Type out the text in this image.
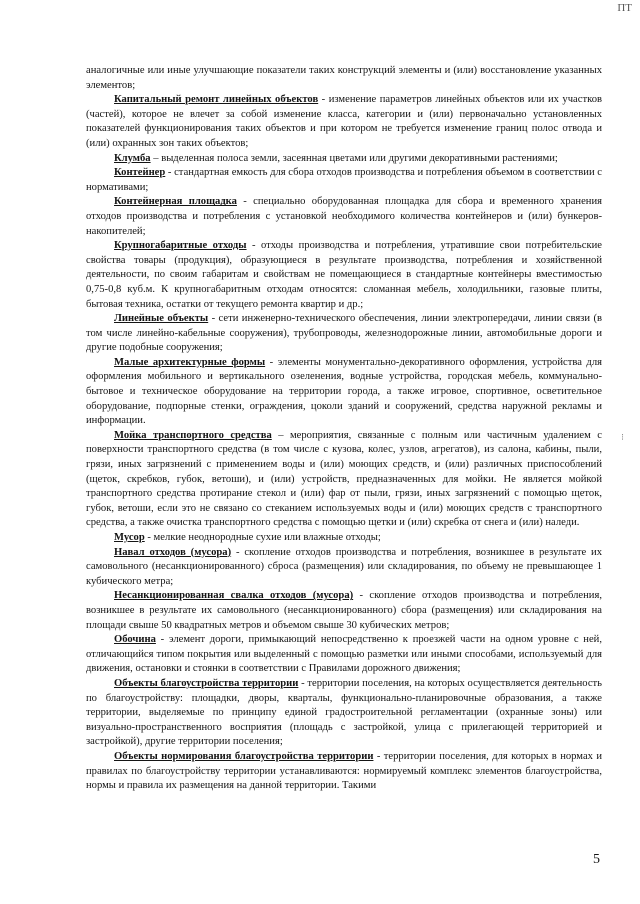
ПТ
⁝

аналогичные или иные улучшающие показатели таких конструкций элементы и (или) восстановление указанных элементов;

Капитальный ремонт линейных объектов - изменение параметров линейных объектов или их участков (частей), которое не влечет за собой изменение класса, категории и (или) первоначально установленных показателей функционирования таких объектов и при котором не требуется изменение границ полос отвода и (или) охранных зон таких объектов;

Клумба – выделенная полоса земли, засеянная цветами или другими декоративными растениями;

Контейнер - стандартная емкость для сбора отходов производства и потребления объемом в соответствии с нормативами;

Контейнерная площадка - специально оборудованная площадка для сбора и временного хранения отходов производства и потребления с установкой необходимого количества контейнеров и (или) бункеров-накопителей;

Крупногабаритные отходы - отходы производства и потребления, утратившие свои потребительские свойства товары (продукция), образующиеся в результате производства, потребления и хозяйственной деятельности, по своим габаритам и свойствам не помещающиеся в стандартные контейнеры вместимостью 0,75-0,8 куб.м. К крупногабаритным отходам относятся: сломанная мебель, холодильники, газовые плиты, бытовая техника, остатки от текущего ремонта квартир и др.;

Линейные объекты - сети инженерно-технического обеспечения, линии электропередачи, линии связи (в том числе линейно-кабельные сооружения), трубопроводы, железнодорожные линии, автомобильные дороги и другие подобные сооружения;

Малые архитектурные формы - элементы монументально-декоративного оформления, устройства для оформления мобильного и вертикального озеленения, водные устройства, городская мебель, коммунально-бытовое и техническое оборудование на территории города, а также игровое, спортивное, осветительное оборудование, подпорные стенки, ограждения, цоколи зданий и сооружений, средства наружной рекламы и информации.

Мойка транспортного средства – мероприятия, связанные с полным или частичным удалением с поверхности транспортного средства (в том числе с кузова, колес, узлов, агрегатов), из салона, кабины, пыли, грязи, иных загрязнений с применением воды и (или) моющих средств, и (или) различных приспособлений (щеток, скребков, губок, ветоши), и (или) устройств, предназначенных для мойки. Не является мойкой транспортного средства протирание стекол и (или) фар от пыли, грязи, иных загрязнений с помощью щеток, губок, ветоши, если это не связано со стеканием используемых воды и (или) моющих средств с транспортного средства, а также очистка транспортного средства с помощью щетки и (или) скребка от снега и (или) наледи.

Мусор - мелкие неоднородные сухие или влажные отходы;

Навал отходов (мусора) - скопление отходов производства и потребления, возникшее в результате их самовольного (несанкционированного) сброса (размещения) или складирования, по объему не превышающее 1 кубического метра;

Несанкционированная свалка отходов (мусора) - скопление отходов производства и потребления, возникшее в результате их самовольного (несанкционированного) сбора (размещения) или складирования на площади свыше 50 квадратных метров и объемом свыше 30 кубических метров;

Обочина - элемент дороги, примыкающий непосредственно к проезжей части на одном уровне с ней, отличающийся типом покрытия или выделенный с помощью разметки или иными способами, используемый для движения, остановки и стоянки в соответствии с Правилами дорожного движения;

Объекты благоустройства территории - территории поселения, на которых осуществляется деятельность по благоустройству: площадки, дворы, кварталы, функционально-планировочные образования, а также территории, выделяемые по принципу единой градостроительной регламентации (охранные зоны) или визуально-пространственного восприятия (площадь с застройкой, улица с прилегающей территорией и застройкой), другие территории поселения;

Объекты нормирования благоустройства территории - территории поселения, для которых в нормах и правилах по благоустройству территории устанавливаются: нормируемый комплекс элементов благоустройства, нормы и правила их размещения на данной территории. Такими

5
